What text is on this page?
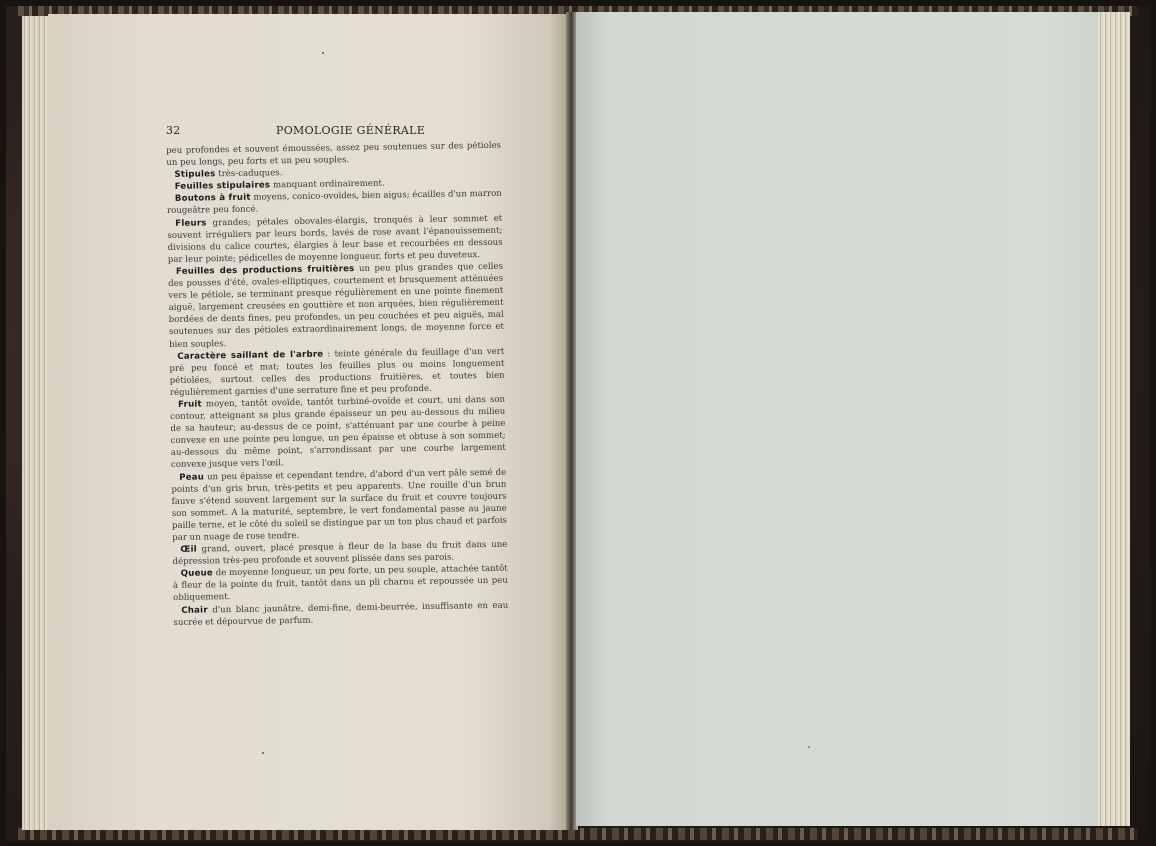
32	POMOLOGIE GÉNÉRALE

peu profondes et souvent émoussées, assez peu soutenues sur des pétioles un peu longs, peu forts et un peu souples.

Stipules très-caduques.

Feuilles stipulaires manquant ordinairement.

Boutons à fruit moyens, conico-ovoïdes, bien aigus; écailles d'un marron rougeâtre peu foncé.

Fleurs grandes; pétales obovales-élargis, tronqués à leur sommet et souvent irréguliers par leurs bords, lavés de rose avant l'épanouissement; divisions du calice courtes, élargies à leur base et recourbées en dessous par leur pointe; pédicelles de moyenne longueur, forts et peu duveteux.

Feuilles des productions fruitières un peu plus grandes que celles des pousses d'été, ovales-elliptiques, courtement et brusquement atténuées vers le pétiole, se terminant presque régulièrement en une pointe finement aiguë, largement creusées en gouttière et non arquées, bien régulièrement bordées de dents fines, peu profondes, un peu couchées et peu aiguës, mal soutenues sur des pétioles extraordinairement longs, de moyenne force et bien souples.

Caractère saillant de l'arbre : teinte générale du feuillage d'un vert pré peu foncé et mat; toutes les feuilles plus ou moins longuement pétiolées, surtout celles des productions fruitières, et toutes bien régulièrement garnies d'une serrature fine et peu profonde.

Fruit moyen, tantôt ovoïde, tantôt turbiné-ovoïde et court, uni dans son contour, atteignant sa plus grande épaisseur un peu au-dessous du milieu de sa hauteur; au-dessus de ce point, s'atténuant par une courbe à peine convexe en une pointe peu longue, un peu épaisse et obtuse à son sommet; au-dessous du même point, s'arrondissant par une courbe largement convexe jusque vers l'œil.

Peau un peu épaisse et cependant tendre, d'abord d'un vert pâle semé de points d'un gris brun, très-petits et peu apparents. Une rouille d'un brun fauve s'étend souvent largement sur la surface du fruit et couvre toujours son sommet. A la maturité, septembre, le vert fondamental passe au jaune paille terne, et le côté du soleil se distingue par un ton plus chaud et parfois par un nuage de rose tendre.

Œil grand, ouvert, placé presque à fleur de la base du fruit dans une dépression très-peu profonde et souvent plissée dans ses parois.

Queue de moyenne longueur, un peu forte, un peu souple, attachée tantôt à fleur de la pointe du fruit, tantôt dans un pli charnu et repoussée un peu obliquement.

Chair d'un blanc jaunâtre, demi-fine, demi-beurrée, insuffisante en eau sucrée et dépourvue de parfum.
